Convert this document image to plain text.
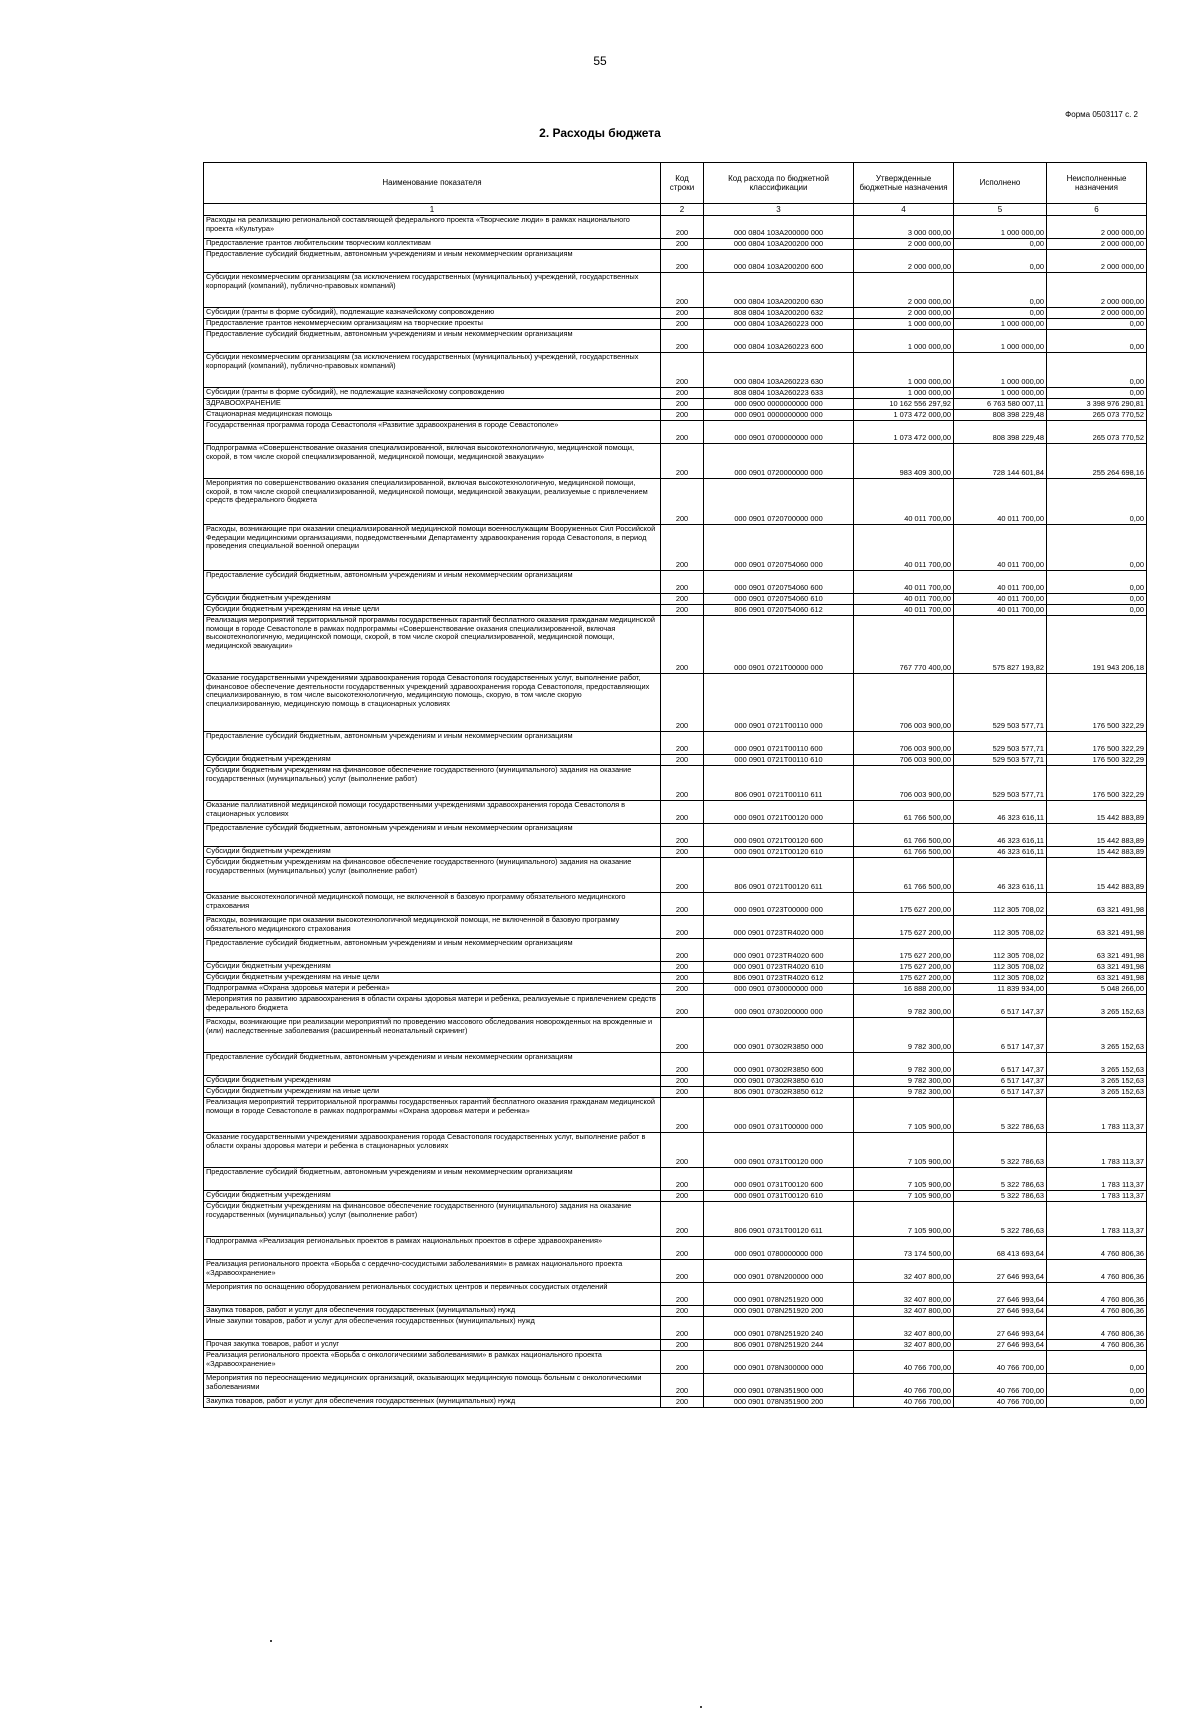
55
Форма 0503117 с. 2
2. Расходы бюджета
Наименование показателя	Код строки	Код расхода по бюджетной классификации	Утвержденные бюджетные назначения	Исполнено	Неисполненные назначения
1	2	3	4	5	6
Расходы на реализацию региональной составляющей федерального проекта «Творческие люди» в рамках национального проекта «Культура»	200	000 0804 103A200000 000	3 000 000,00	1 000 000,00	2 000 000,00
Предоставление грантов любительским творческим коллективам	200	000 0804 103A200200 000	2 000 000,00	0,00	2 000 000,00
Предоставление субсидий бюджетным, автономным учреждениям и иным некоммерческим организациям	200	000 0804 103A200200 600	2 000 000,00	0,00	2 000 000,00
Субсидии некоммерческим организациям (за исключением государственных (муниципальных) учреждений, государственных корпораций (компаний), публично-правовых компаний)	200	000 0804 103A200200 630	2 000 000,00	0,00	2 000 000,00
Субсидии (гранты в форме субсидий), подлежащие казначейскому сопровождению	200	808 0804 103A200200 632	2 000 000,00	0,00	2 000 000,00
Предоставление грантов некоммерческим организациям на творческие проекты	200	000 0804 103A260223 000	1 000 000,00	1 000 000,00	0,00
Предоставление субсидий бюджетным, автономным учреждениям и иным некоммерческим организациям	200	000 0804 103A260223 600	1 000 000,00	1 000 000,00	0,00
Субсидии некоммерческим организациям (за исключением государственных (муниципальных) учреждений, государственных корпораций (компаний), публично-правовых компаний)	200	000 0804 103A260223 630	1 000 000,00	1 000 000,00	0,00
Субсидии (гранты в форме субсидий), не подлежащие казначейскому сопровождению	200	808 0804 103A260223 633	1 000 000,00	1 000 000,00	0,00
ЗДРАВООХРАНЕНИЕ	200	000 0900 0000000000 000	10 162 556 297,92	6 763 580 007,11	3 398 976 290,81
Стационарная медицинская помощь	200	000 0901 0000000000 000	1 073 472 000,00	808 398 229,48	265 073 770,52
Государственная программа города Севастополя «Развитие здравоохранения в городе Севастополе»	200	000 0901 0700000000 000	1 073 472 000,00	808 398 229,48	265 073 770,52
Подпрограмма «Совершенствование оказания специализированной, включая высокотехнологичную, медицинской помощи, скорой, в том числе скорой специализированной, медицинской помощи, медицинской эвакуации»	200	000 0901 0720000000 000	983 409 300,00	728 144 601,84	255 264 698,16
Мероприятия по совершенствованию оказания специализированной, включая высокотехнологичную, медицинской помощи, скорой, в том числе скорой специализированной, медицинской помощи, медицинской эвакуации, реализуемые с привлечением средств федерального бюджета	200	000 0901 0720700000 000	40 011 700,00	40 011 700,00	0,00
Расходы, возникающие при оказании специализированной медицинской помощи военнослужащим Вооруженных Сил Российской Федерации медицинскими организациями, подведомственными Департаменту здравоохранения города Севастополя, в период проведения специальной военной операции	200	000 0901 0720754060 000	40 011 700,00	40 011 700,00	0,00
Предоставление субсидий бюджетным, автономным учреждениям и иным некоммерческим организациям	200	000 0901 0720754060 600	40 011 700,00	40 011 700,00	0,00
Субсидии бюджетным учреждениям	200	000 0901 0720754060 610	40 011 700,00	40 011 700,00	0,00
Субсидии бюджетным учреждениям на иные цели	200	806 0901 0720754060 612	40 011 700,00	40 011 700,00	0,00
Реализация мероприятий территориальной программы государственных гарантий бесплатного оказания гражданам медицинской помощи в городе Севастополе в рамках подпрограммы «Совершенствование оказания специализированной, включая высокотехнологичную, медицинской помощи, скорой, в том числе скорой специализированной, медицинской помощи, медицинской эвакуации»	200	000 0901 0721T00000 000	767 770 400,00	575 827 193,82	191 943 206,18
Оказание государственными учреждениями здравоохранения города Севастополя государственных услуг, выполнение работ, финансовое обеспечение деятельности государственных учреждений здравоохранения города Севастополя, предоставляющих специализированную, в том числе высокотехнологичную, медицинскую помощь, скорую, в том числе скорую специализированную, медицинскую помощь в стационарных условиях	200	000 0901 0721T00110 000	706 003 900,00	529 503 577,71	176 500 322,29
Предоставление субсидий бюджетным, автономным учреждениям и иным некоммерческим организациям	200	000 0901 0721T00110 600	706 003 900,00	529 503 577,71	176 500 322,29
Субсидии бюджетным учреждениям	200	000 0901 0721T00110 610	706 003 900,00	529 503 577,71	176 500 322,29
Субсидии бюджетным учреждениям на финансовое обеспечение государственного (муниципального) задания на оказание государственных (муниципальных) услуг (выполнение работ)	200	806 0901 0721T00110 611	706 003 900,00	529 503 577,71	176 500 322,29
Оказание паллиативной медицинской помощи государственными учреждениями здравоохранения города Севастополя в стационарных условиях	200	000 0901 0721T00120 000	61 766 500,00	46 323 616,11	15 442 883,89
Предоставление субсидий бюджетным, автономным учреждениям и иным некоммерческим организациям	200	000 0901 0721T00120 600	61 766 500,00	46 323 616,11	15 442 883,89
Субсидии бюджетным учреждениям	200	000 0901 0721T00120 610	61 766 500,00	46 323 616,11	15 442 883,89
Субсидии бюджетным учреждениям на финансовое обеспечение государственного (муниципального) задания на оказание государственных (муниципальных) услуг (выполнение работ)	200	806 0901 0721T00120 611	61 766 500,00	46 323 616,11	15 442 883,89
Оказание высокотехнологичной медицинской помощи, не включенной в базовую программу обязательного медицинского страхования	200	000 0901 0723T00000 000	175 627 200,00	112 305 708,02	63 321 491,98
Расходы, возникающие при оказании высокотехнологичной медицинской помощи, не включенной в базовую программу обязательного медицинского страхования	200	000 0901 0723TR4020 000	175 627 200,00	112 305 708,02	63 321 491,98
Предоставление субсидий бюджетным, автономным учреждениям и иным некоммерческим организациям	200	000 0901 0723TR4020 600	175 627 200,00	112 305 708,02	63 321 491,98
Субсидии бюджетным учреждениям	200	000 0901 0723TR4020 610	175 627 200,00	112 305 708,02	63 321 491,98
Субсидии бюджетным учреждениям на иные цели	200	806 0901 0723TR4020 612	175 627 200,00	112 305 708,02	63 321 491,98
Подпрограмма «Охрана здоровья матери и ребенка»	200	000 0901 0730000000 000	16 888 200,00	11 839 934,00	5 048 266,00
Мероприятия по развитию здравоохранения в области охраны здоровья матери и ребенка, реализуемые с привлечением средств федерального бюджета	200	000 0901 0730200000 000	9 782 300,00	6 517 147,37	3 265 152,63
Расходы, возникающие при реализации мероприятий по проведению массового обследования новорожденных на врожденные и (или) наследственные заболевания (расширенный неонатальный скрининг)	200	000 0901 07302R3850 000	9 782 300,00	6 517 147,37	3 265 152,63
Предоставление субсидий бюджетным, автономным учреждениям и иным некоммерческим организациям	200	000 0901 07302R3850 600	9 782 300,00	6 517 147,37	3 265 152,63
Субсидии бюджетным учреждениям	200	000 0901 07302R3850 610	9 782 300,00	6 517 147,37	3 265 152,63
Субсидии бюджетным учреждениям на иные цели	200	806 0901 07302R3850 612	9 782 300,00	6 517 147,37	3 265 152,63
Реализация мероприятий территориальной программы государственных гарантий бесплатного оказания гражданам медицинской помощи в городе Севастополе в рамках подпрограммы «Охрана здоровья матери и ребенка»	200	000 0901 0731T00000 000	7 105 900,00	5 322 786,63	1 783 113,37
Оказание государственными учреждениями здравоохранения города Севастополя государственных услуг, выполнение работ в области охраны здоровья матери и ребенка в стационарных условиях	200	000 0901 0731T00120 000	7 105 900,00	5 322 786,63	1 783 113,37
Предоставление субсидий бюджетным, автономным учреждениям и иным некоммерческим организациям	200	000 0901 0731T00120 600	7 105 900,00	5 322 786,63	1 783 113,37
Субсидии бюджетным учреждениям	200	000 0901 0731T00120 610	7 105 900,00	5 322 786,63	1 783 113,37
Субсидии бюджетным учреждениям на финансовое обеспечение государственного (муниципального) задания на оказание государственных (муниципальных) услуг (выполнение работ)	200	806 0901 0731T00120 611	7 105 900,00	5 322 786,63	1 783 113,37
Подпрограмма «Реализация региональных проектов в рамках национальных проектов в сфере здравоохранения»	200	000 0901 0780000000 000	73 174 500,00	68 413 693,64	4 760 806,36
Реализация регионального проекта «Борьба с сердечно-сосудистыми заболеваниями» в рамках национального проекта «Здравоохранение»	200	000 0901 078N200000 000	32 407 800,00	27 646 993,64	4 760 806,36
Мероприятия по оснащению оборудованием региональных сосудистых центров и первичных сосудистых отделений	200	000 0901 078N251920 000	32 407 800,00	27 646 993,64	4 760 806,36
Закупка товаров, работ и услуг для обеспечения государственных (муниципальных) нужд	200	000 0901 078N251920 200	32 407 800,00	27 646 993,64	4 760 806,36
Иные закупки товаров, работ и услуг для обеспечения государственных (муниципальных) нужд	200	000 0901 078N251920 240	32 407 800,00	27 646 993,64	4 760 806,36
Прочая закупка товаров, работ и услуг	200	806 0901 078N251920 244	32 407 800,00	27 646 993,64	4 760 806,36
Реализация регионального проекта «Борьба с онкологическими заболеваниями» в рамках национального проекта «Здравоохранение»	200	000 0901 078N300000 000	40 766 700,00	40 766 700,00	0,00
Мероприятия по переоснащению медицинских организаций, оказывающих медицинскую помощь больным с онкологическими заболеваниями	200	000 0901 078N351900 000	40 766 700,00	40 766 700,00	0,00
Закупка товаров, работ и услуг для обеспечения государственных (муниципальных) нужд	200	000 0901 078N351900 200	40 766 700,00	40 766 700,00	0,00
